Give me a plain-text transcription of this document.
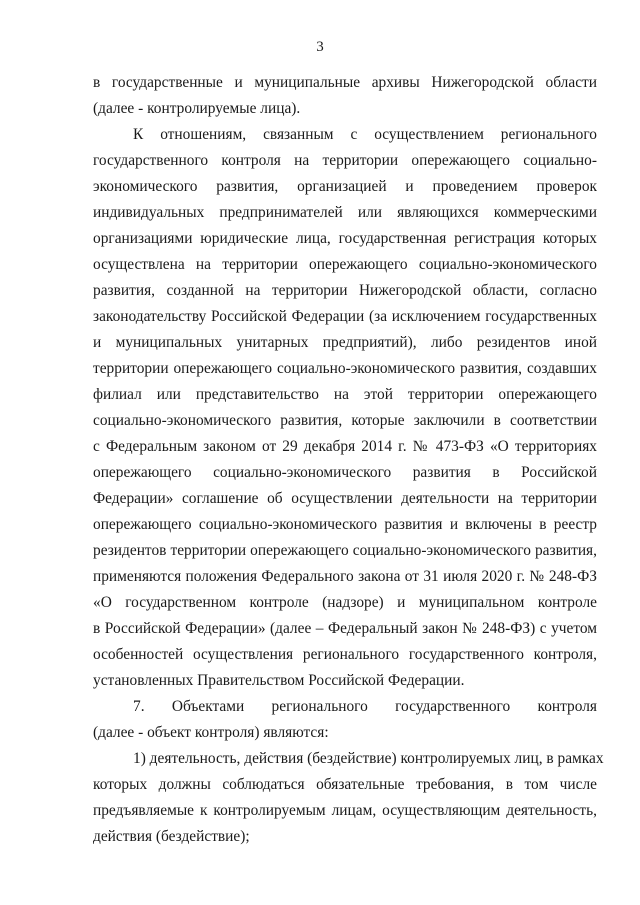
3
в государственные и муниципальные архивы Нижегородской области
(далее - контролируемые лица).
К отношениям, связанным с осуществлением регионального
государственного контроля на территории опережающего социально-
экономического развития, организацией и проведением проверок
индивидуальных предпринимателей или являющихся коммерческими
организациями юридические лица, государственная регистрация которых
осуществлена на территории опережающего социально-экономического
развития, созданной на территории Нижегородской области, согласно
законодательству Российской Федерации (за исключением государственных
и муниципальных унитарных предприятий), либо резидентов иной
территории опережающего социально-экономического развития, создавших
филиал или представительство на этой территории опережающего
социально-экономического развития, которые заключили в соответствии
с Федеральным законом от 29 декабря 2014 г. № 473-ФЗ «О территориях
опережающего социально-экономического развития в Российской
Федерации» соглашение об осуществлении деятельности на территории
опережающего социально-экономического развития и включены в реестр
резидентов территории опережающего социально-экономического развития,
применяются положения Федерального закона от 31 июля 2020 г. № 248-ФЗ
«О государственном контроле (надзоре) и муниципальном контроле
в Российской Федерации» (далее – Федеральный закон № 248-ФЗ) с учетом
особенностей осуществления регионального государственного контроля,
установленных Правительством Российской Федерации.
7. Объектами регионального государственного контроля
(далее - объект контроля) являются:
1) деятельность, действия (бездействие) контролируемых лиц, в рамках
которых должны соблюдаться обязательные требования, в том числе
предъявляемые к контролируемым лицам, осуществляющим деятельность,
действия (бездействие);
